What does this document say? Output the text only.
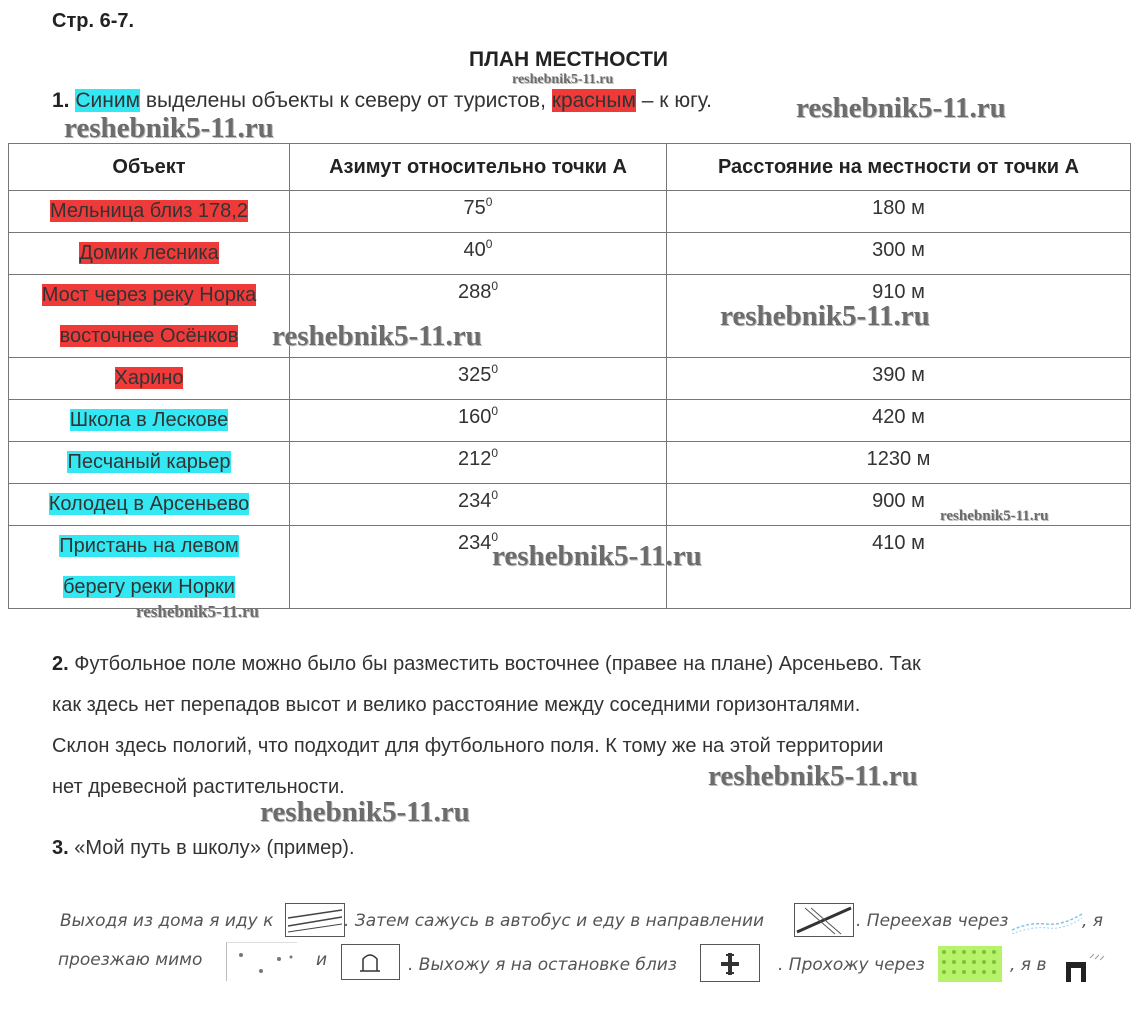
Стр. 6-7.
ПЛАН МЕСТНОСТИ
reshebnik5-11.ru
1. Синим выделены объекты к северу от туристов, красным – к югу.	reshebnik5-11.ru
reshebnik5-11.ru
Объект	Азимут относительно точки А	Расстояние на местности от точки А
Мельница близ 178,2	$75^0$	180 м
Домик лесника	$40^0$	300 м
Мост через реку Норка
восточнее Осёнков	$288^0$	910 м
Харино	$325^0$	390 м
Школа в Лескове	$160^0$	420 м
Песчаный карьер	$212^0$	1230 м
Колодец в Арсеньево	$234^0$	900 м
Пристань на левом
берегу реки Норки	$234^0$	410 м
reshebnik5-11.ru
reshebnik5-11.ru
reshebnik5-11.ru
reshebnik5-11.ru
reshebnik5-11.ru
2. Футбольное поле можно было бы разместить восточнее (правее на плане) Арсеньево. Так
как здесь нет перепадов высот и велико расстояние между соседними горизонталями.
Склон здесь пологий, что подходит для футбольного поля. К тому же на этой территории
нет древесной растительности.	reshebnik5-11.ru
reshebnik5-11.ru
3. «Мой путь в школу» (пример).
Выходя из дома я иду к	. Затем сажусь в автобус и еду в направлении	. Переехав через	, я
проезжаю мимо	и	. Выхожу я на остановке близ	. Прохожу через	, я в
